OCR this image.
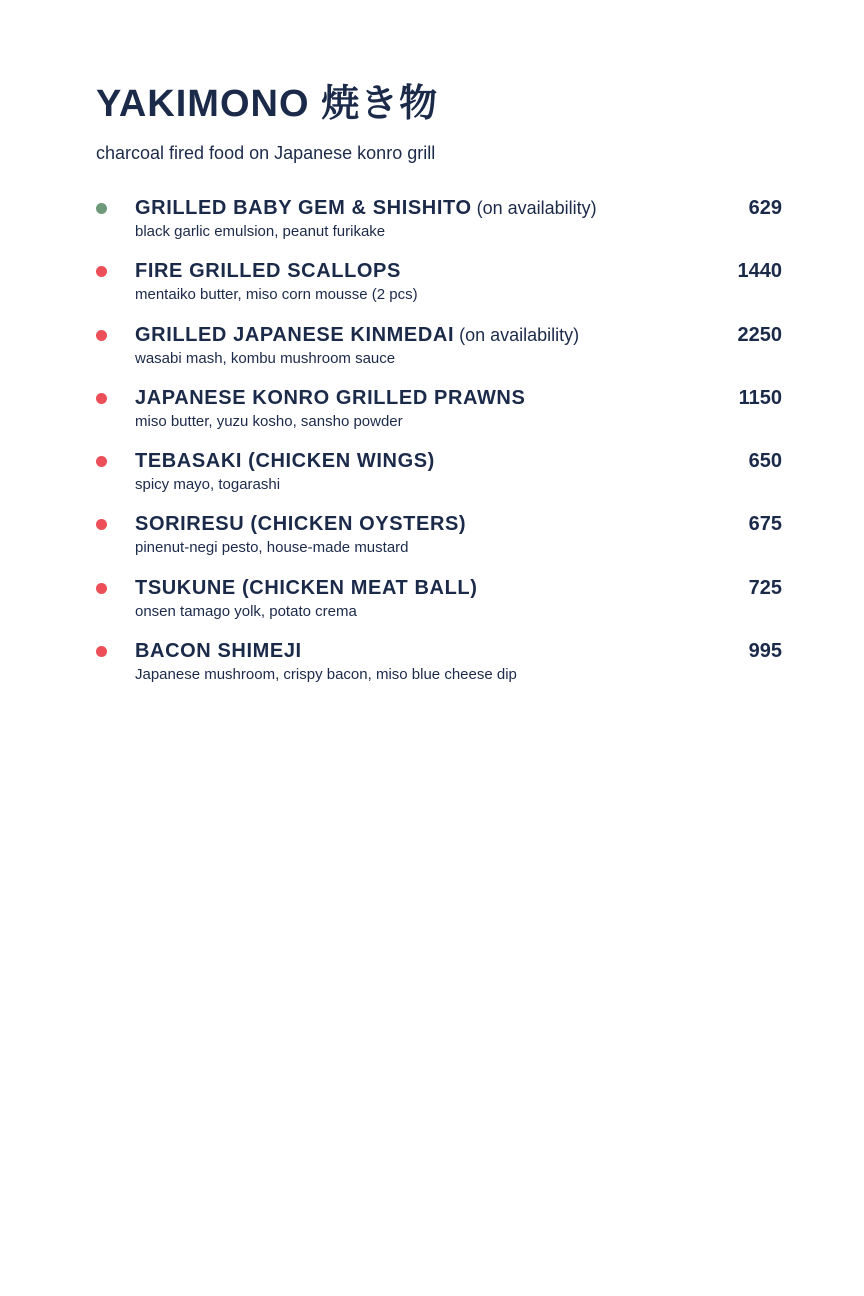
YAKIMONO 焼き物
charcoal fired food on Japanese konro grill
GRILLED BABY GEM & SHISHITO (on availability)
black garlic emulsion, peanut furikake
629
FIRE GRILLED SCALLOPS
mentaiko butter, miso corn mousse (2 pcs)
1440
GRILLED JAPANESE KINMEDAI (on availability)
wasabi mash, kombu mushroom sauce
2250
JAPANESE KONRO GRILLED PRAWNS
miso butter, yuzu kosho, sansho powder
1150
TEBASAKI (CHICKEN WINGS)
spicy mayo, togarashi
650
SORIRESU (CHICKEN OYSTERS)
pinenut-negi pesto, house-made mustard
675
TSUKUNE (CHICKEN MEAT BALL)
onsen tamago yolk, potato crema
725
BACON SHIMEJI
Japanese mushroom, crispy bacon, miso blue cheese dip
995
